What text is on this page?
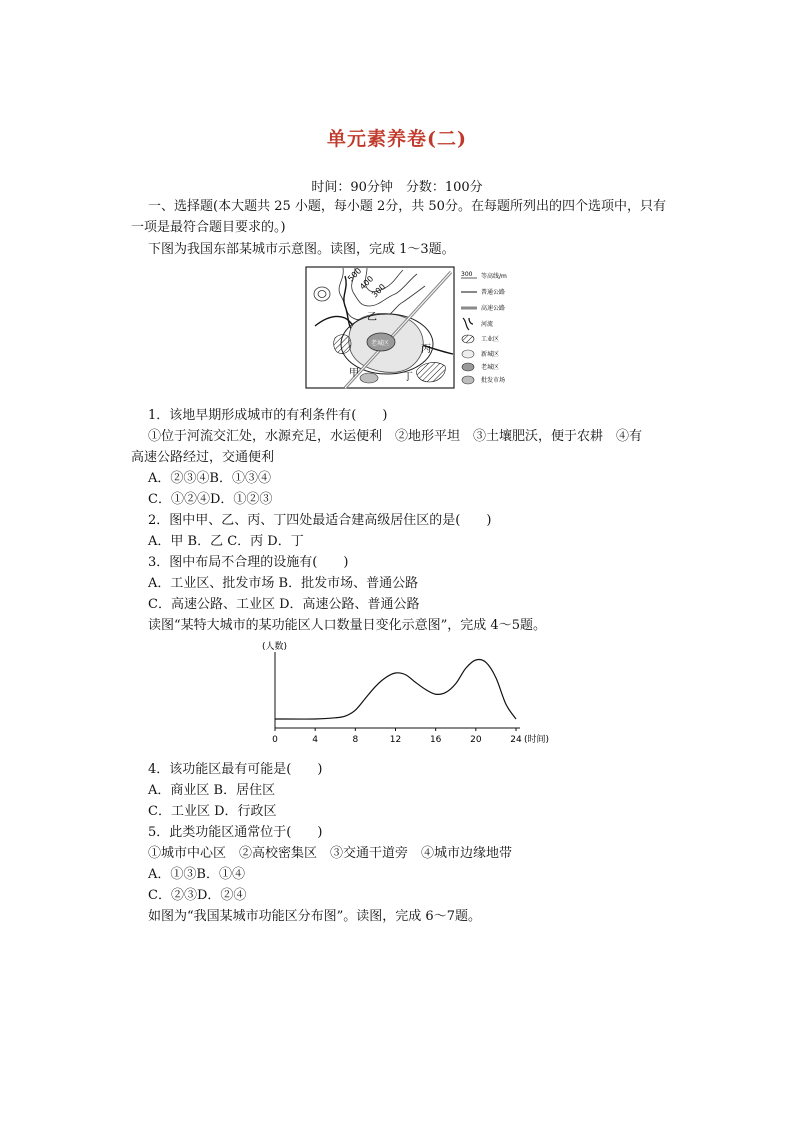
单元素养卷(二)
时间：90分钟　分数：100分
一、选择题(本大题共 25 小题，每小题 2分，共 50分。在每题所列出的四个选项中，只有一项是最符合题目要求的。)
下图为我国东部某城市示意图。读图，完成 1～3题。
500
400
300
老城区
乙
丙
甲	丁
300 等高线/m
普通公路
高速公路
河流
工业区
新城区
老城区
批发市场
1．该地早期形成城市的有利条件有(　　)
①位于河流交汇处，水源充足，水运便利　②地形平坦　③土壤肥沃，便于农耕　④有
高速公路经过，交通便利
A．②③④B．①③④
C．①②④D．①②③
2．图中甲、乙、丙、丁四处最适合建高级居住区的是(　　)
A．甲 B．乙 C．丙 D．丁
3．图中布局不合理的设施有(　　)
A．工业区、批发市场 B．批发市场、普通公路
C．高速公路、工业区 D．高速公路、普通公路
读图“某特大城市的某功能区人口数量日变化示意图”，完成 4～5题。
(人数)
0	4	8	12	16	20	24 (时间)
4．该功能区最有可能是(　　)
A．商业区 B．居住区
C．工业区 D．行政区
5．此类功能区通常位于(　　)
①城市中心区　②高校密集区　③交通干道旁　④城市边缘地带
A．①③B．①④
C．②③D．②④
如图为“我国某城市功能区分布图”。读图，完成 6～7题。
